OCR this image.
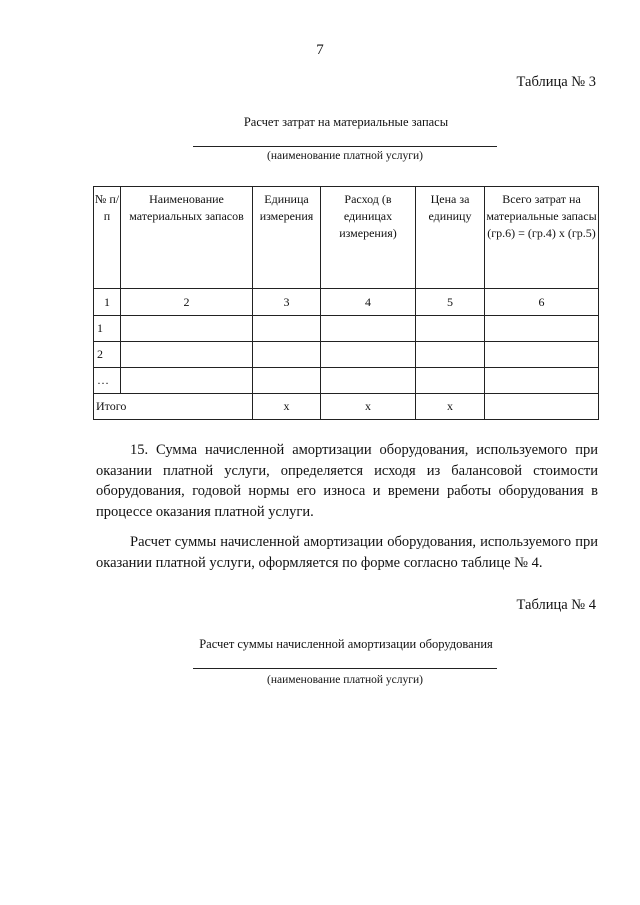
7
Таблица № 3
Расчет затрат на материальные запасы
(наименование платной услуги)
№ п/п	Наименование материальных запасов	Единица измерения	Расход (в единицах измерения)	Цена за единицу	Всего затрат на материальные запасы (гр.6) = (гр.4) х (гр.5)
1	2	3	4	5	6
1					
2					
…					
Итого		х	х	х	
15. Сумма начисленной амортизации оборудования, используемого при оказании платной услуги, определяется исходя из балансовой стоимости оборудования, годовой нормы его износа и времени работы оборудования в процессе оказания платной услуги.
Расчет суммы начисленной амортизации оборудования, используемого при оказании платной услуги, оформляется по форме согласно таблице № 4.
Таблица № 4
Расчет суммы начисленной амортизации оборудования
(наименование платной услуги)
